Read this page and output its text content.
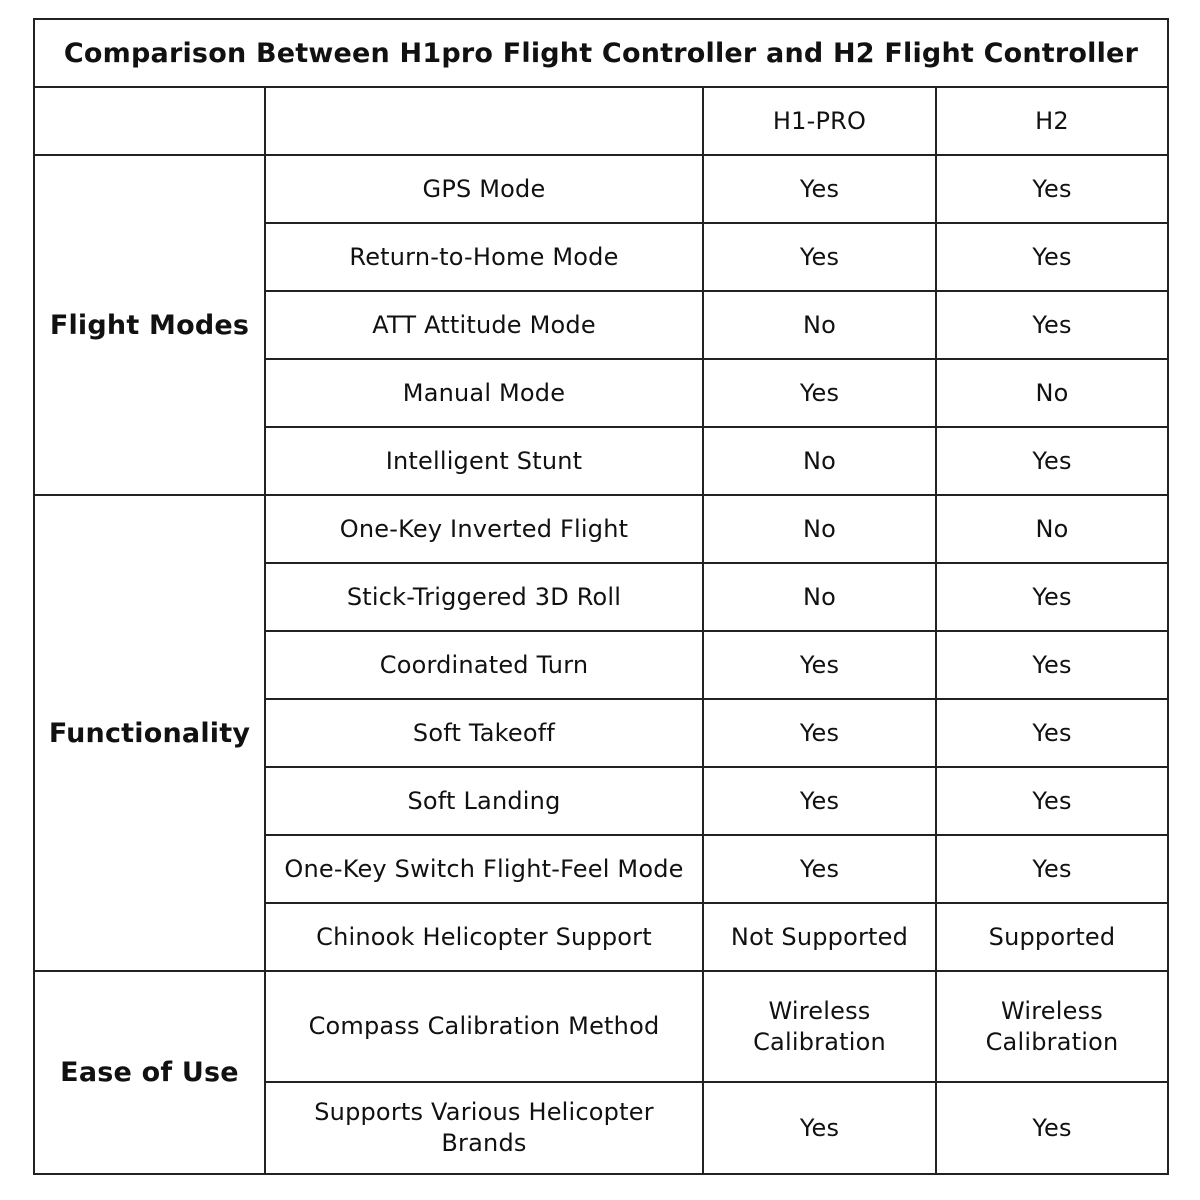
Comparison Between H1pro Flight Controller and H2 Flight Controller			
		H1-PRO	H2
Flight Modes	GPS Mode	Yes	Yes
	Return-to-Home Mode	Yes	Yes
	ATT Attitude Mode	No	Yes
	Manual Mode	Yes	No
	Intelligent Stunt	No	Yes
Functionality	One-Key Inverted Flight	No	No
	Stick-Triggered 3D Roll	No	Yes
	Coordinated Turn	Yes	Yes
	Soft Takeoff	Yes	Yes
	Soft Landing	Yes	Yes
	One-Key Switch Flight-Feel Mode	Yes	Yes
	Chinook Helicopter Support	Not Supported	Supported
Ease of Use	Compass Calibration Method	Wireless Calibration	Wireless Calibration
	Supports Various Helicopter Brands	Yes	Yes
